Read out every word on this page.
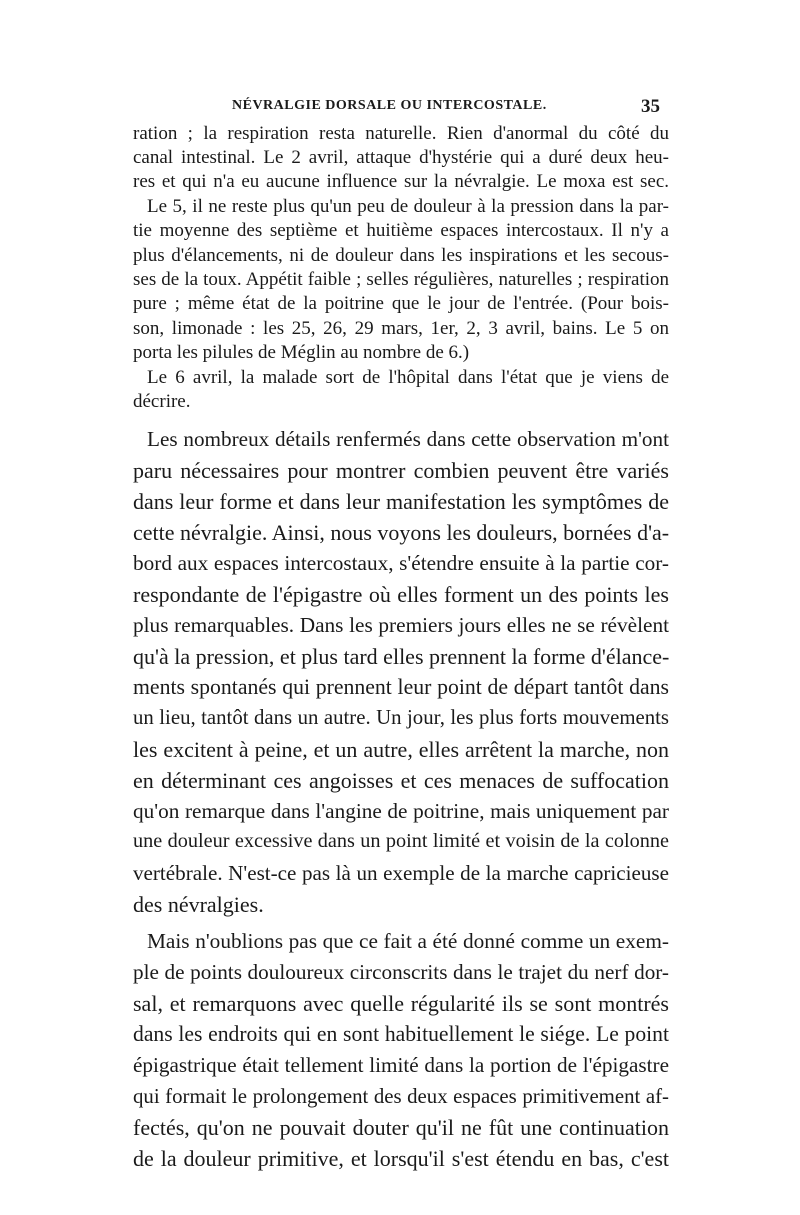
NÉVRALGIE DORSALE OU INTERCOSTALE.	35
ration ; la respiration resta naturelle. Rien d'anormal du côté du
canal intestinal. Le 2 avril, attaque d'hystérie qui a duré deux heu-
res et qui n'a eu aucune influence sur la névralgie. Le moxa est sec.
Le 5, il ne reste plus qu'un peu de douleur à la pression dans la par-
tie moyenne des septième et huitième espaces intercostaux. Il n'y a
plus d'élancements, ni de douleur dans les inspirations et les secous-
ses de la toux. Appétit faible ; selles régulières, naturelles ; respiration
pure ; même état de la poitrine que le jour de l'entrée. (Pour bois-
son, limonade : les 25, 26, 29 mars, 1er, 2, 3 avril, bains. Le 5 on
porta les pilules de Méglin au nombre de 6.)
Le 6 avril, la malade sort de l'hôpital dans l'état que je viens de
décrire.
Les nombreux détails renfermés dans cette observation m'ont
paru nécessaires pour montrer combien peuvent être variés
dans leur forme et dans leur manifestation les symptômes de
cette névralgie. Ainsi, nous voyons les douleurs, bornées d'a-
bord aux espaces intercostaux, s'étendre ensuite à la partie cor-
respondante de l'épigastre où elles forment un des points les
plus remarquables. Dans les premiers jours elles ne se révèlent
qu'à la pression, et plus tard elles prennent la forme d'élance-
ments spontanés qui prennent leur point de départ tantôt dans
un lieu, tantôt dans un autre. Un jour, les plus forts mouvements
les excitent à peine, et un autre, elles arrêtent la marche, non
en déterminant ces angoisses et ces menaces de suffocation
qu'on remarque dans l'angine de poitrine, mais uniquement par
une douleur excessive dans un point limité et voisin de la colonne
vertébrale. N'est-ce pas là un exemple de la marche capricieuse
des névralgies.
Mais n'oublions pas que ce fait a été donné comme un exem-
ple de points douloureux circonscrits dans le trajet du nerf dor-
sal, et remarquons avec quelle régularité ils se sont montrés
dans les endroits qui en sont habituellement le siége. Le point
épigastrique était tellement limité dans la portion de l'épigastre
qui formait le prolongement des deux espaces primitivement af-
fectés, qu'on ne pouvait douter qu'il ne fût une continuation
de la douleur primitive, et lorsqu'il s'est étendu en bas, c'est
